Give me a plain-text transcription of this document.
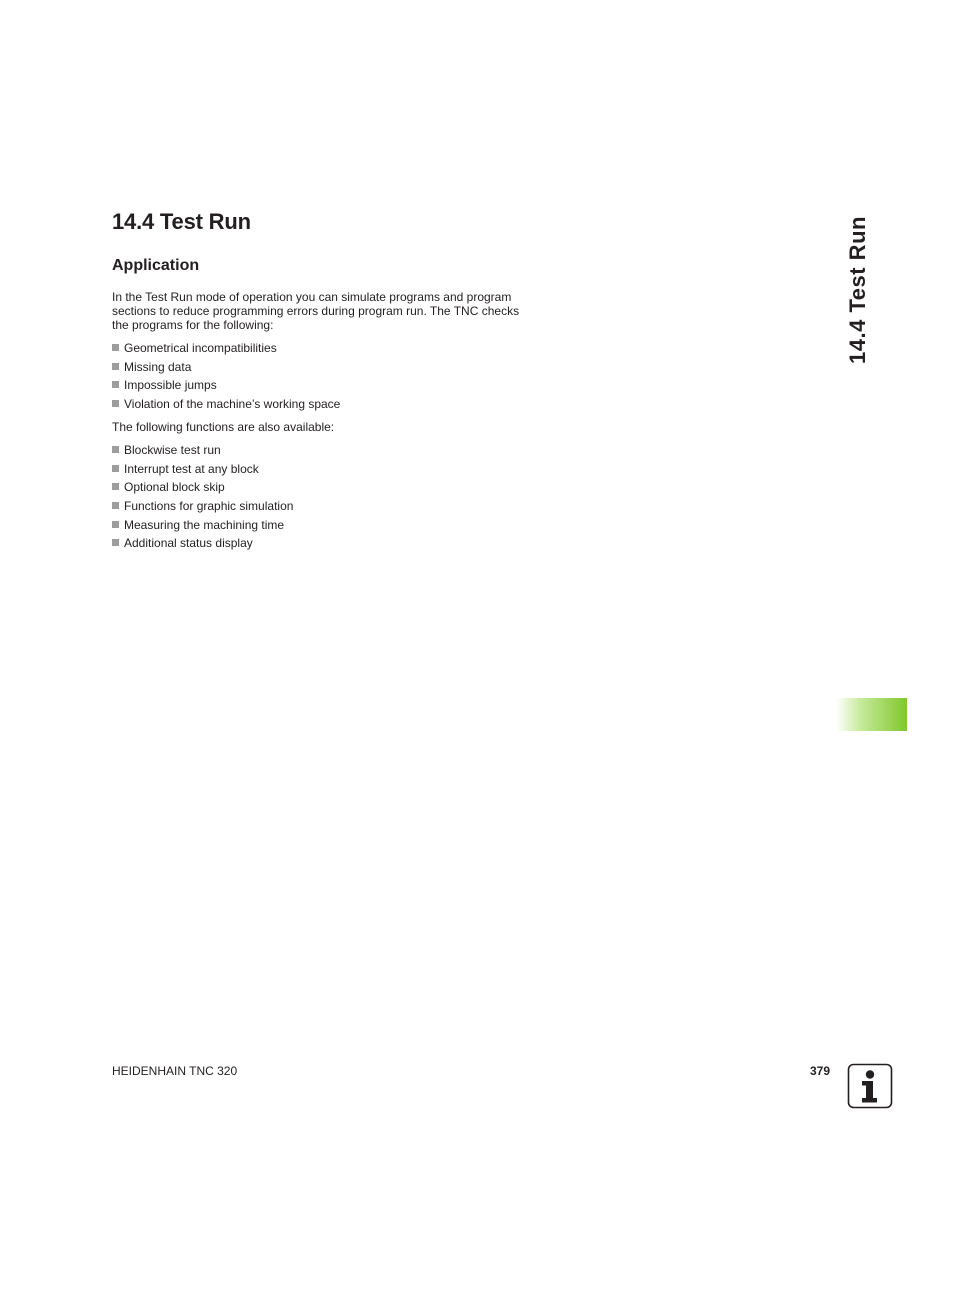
14.4 Test Run
Application

In the Test Run mode of operation you can simulate programs and program sections to reduce programming errors during program run. The TNC checks the programs for the following:

Geometrical incompatibilities
Missing data
Impossible jumps
Violation of the machine’s working space

The following functions are also available:

Blockwise test run
Interrupt test at any block
Optional block skip
Functions for graphic simulation
Measuring the machining time
Additional status display
14.4 Test Run

HEIDENHAIN TNC 320	379
